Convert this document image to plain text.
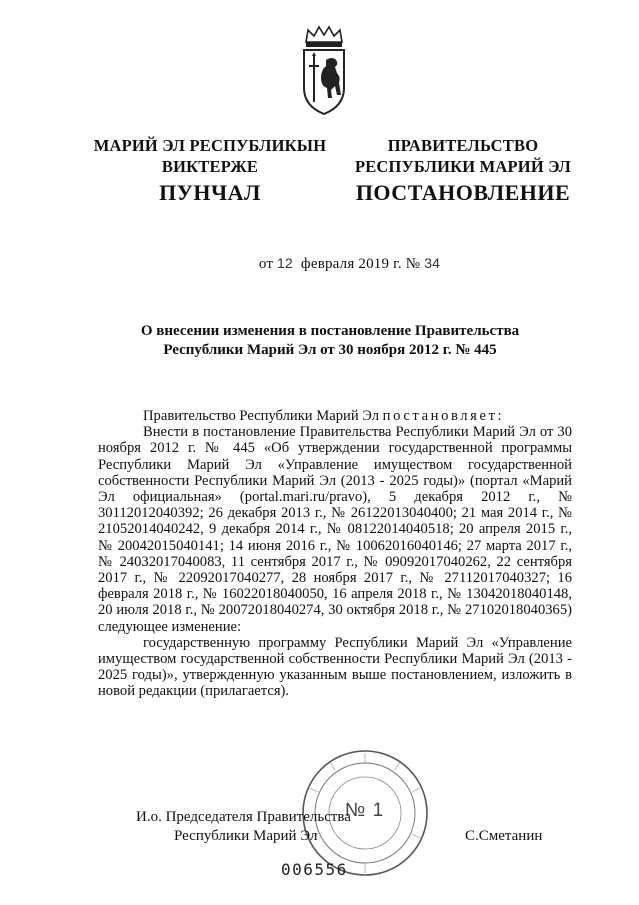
МАРИЙ ЭЛ РЕСПУБЛИКЫН
ВИКТЕРЖЕ
ПУНЧАЛ
ПРАВИТЕЛЬСТВО
РЕСПУБЛИКИ МАРИЙ ЭЛ
ПОСТАНОВЛЕНИЕ
от 12 февраля 2019 г. № 34
О внесении изменения в постановление Правительства
Республики Марий Эл от 30 ноября 2012 г. № 445

Правительство Республики Марий Эл постановляет:

Внести в постановление Правительства Республики Марий Эл от 30 ноября 2012 г. № 445 «Об утверждении государственной программы Республики Марий Эл «Управление имуществом государственной собственности Республики Марий Эл (2013 - 2025 годы)» (портал «Марий Эл официальная» (portal.mari.ru/pravo), 5 декабря 2012 г., № 30112012040392; 26 декабря 2013 г., № 26122013040400; 21 мая 2014 г., № 21052014040242, 9 декабря 2014 г., № 08122014040518; 20 апреля 2015 г., № 20042015040141; 14 июня 2016 г., № 10062016040146; 27 марта 2017 г., № 24032017040083, 11 сентября 2017 г., № 09092017040262, 22 сентября 2017 г., № 22092017040277, 28 ноября 2017 г., № 27112017040327; 16 февраля 2018 г., № 16022018040050, 16 апреля 2018 г., № 13042018040148, 20 июля 2018 г., № 20072018040274, 30 октября 2018 г., № 27102018040365) следующее изменение:

государственную программу Республики Марий Эл «Управление имуществом государственной собственности Республики Марий Эл (2013 - 2025 годы)», утвержденную указанным выше постановлением, изложить в новой редакции (прилагается).

№ 1
И.о. Председателя Правительства
Республики Марий Эл	С.Сметанин
006556
